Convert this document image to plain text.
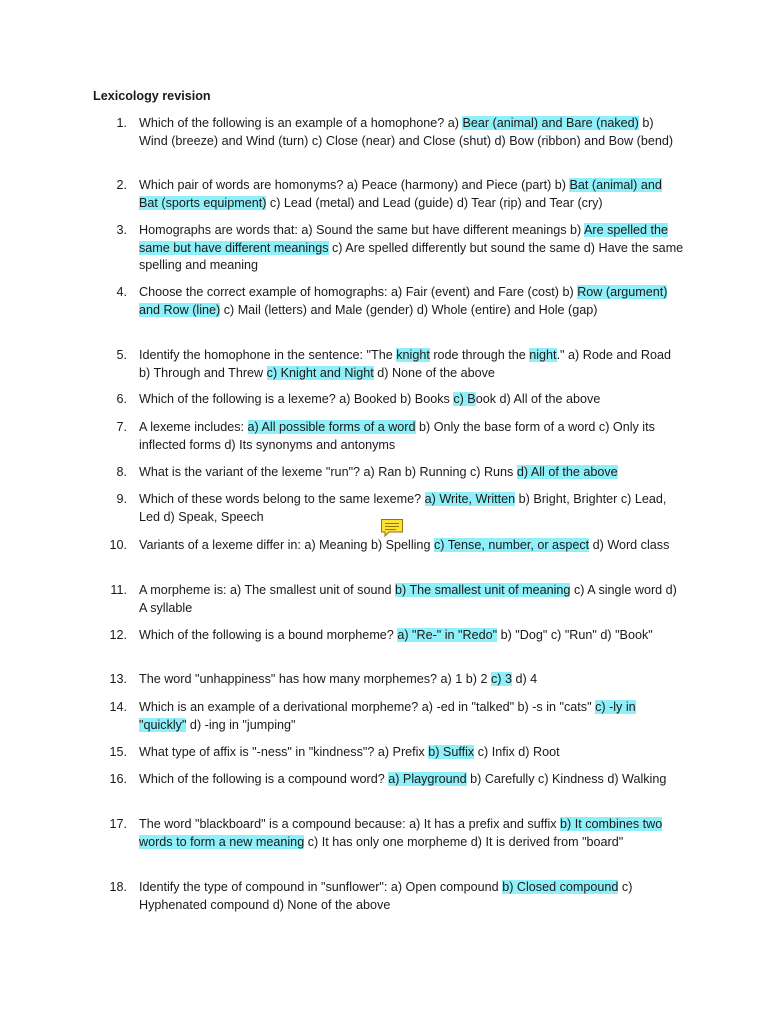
Lexicology revision
1. Which of the following is an example of a homophone? a) Bear (animal) and Bare (naked) b) Wind (breeze) and Wind (turn) c) Close (near) and Close (shut) d) Bow (ribbon) and Bow (bend)
2. Which pair of words are homonyms? a) Peace (harmony) and Piece (part) b) Bat (animal) and Bat (sports equipment) c) Lead (metal) and Lead (guide) d) Tear (rip) and Tear (cry)
3. Homographs are words that: a) Sound the same but have different meanings b) Are spelled the same but have different meanings c) Are spelled differently but sound the same d) Have the same spelling and meaning
4. Choose the correct example of homographs: a) Fair (event) and Fare (cost) b) Row (argument) and Row (line) c) Mail (letters) and Male (gender) d) Whole (entire) and Hole (gap)
5. Identify the homophone in the sentence: "The knight rode through the night." a) Rode and Road b) Through and Threw c) Knight and Night d) None of the above
6. Which of the following is a lexeme? a) Booked b) Books c) Book d) All of the above
7. A lexeme includes: a) All possible forms of a word b) Only the base form of a word c) Only its inflected forms d) Its synonyms and antonyms
8. What is the variant of the lexeme "run"? a) Ran b) Running c) Runs d) All of the above
9. Which of these words belong to the same lexeme? a) Write, Written b) Bright, Brighter c) Lead, Led d) Speak, Speech
10. Variants of a lexeme differ in: a) Meaning b) Spelling c) Tense, number, or aspect d) Word class
11. A morpheme is: a) The smallest unit of sound b) The smallest unit of meaning c) A single word d) A syllable
12. Which of the following is a bound morpheme? a) "Re-" in "Redo" b) "Dog" c) "Run" d) "Book"
13. The word "unhappiness" has how many morphemes? a) 1 b) 2 c) 3 d) 4
14. Which is an example of a derivational morpheme? a) -ed in "talked" b) -s in "cats" c) -ly in "quickly" d) -ing in "jumping"
15. What type of affix is "-ness" in "kindness"? a) Prefix b) Suffix c) Infix d) Root
16. Which of the following is a compound word? a) Playground b) Carefully c) Kindness d) Walking
17. The word "blackboard" is a compound because: a) It has a prefix and suffix b) It combines two words to form a new meaning c) It has only one morpheme d) It is derived from "board"
18. Identify the type of compound in "sunflower": a) Open compound b) Closed compound c) Hyphenated compound d) None of the above
